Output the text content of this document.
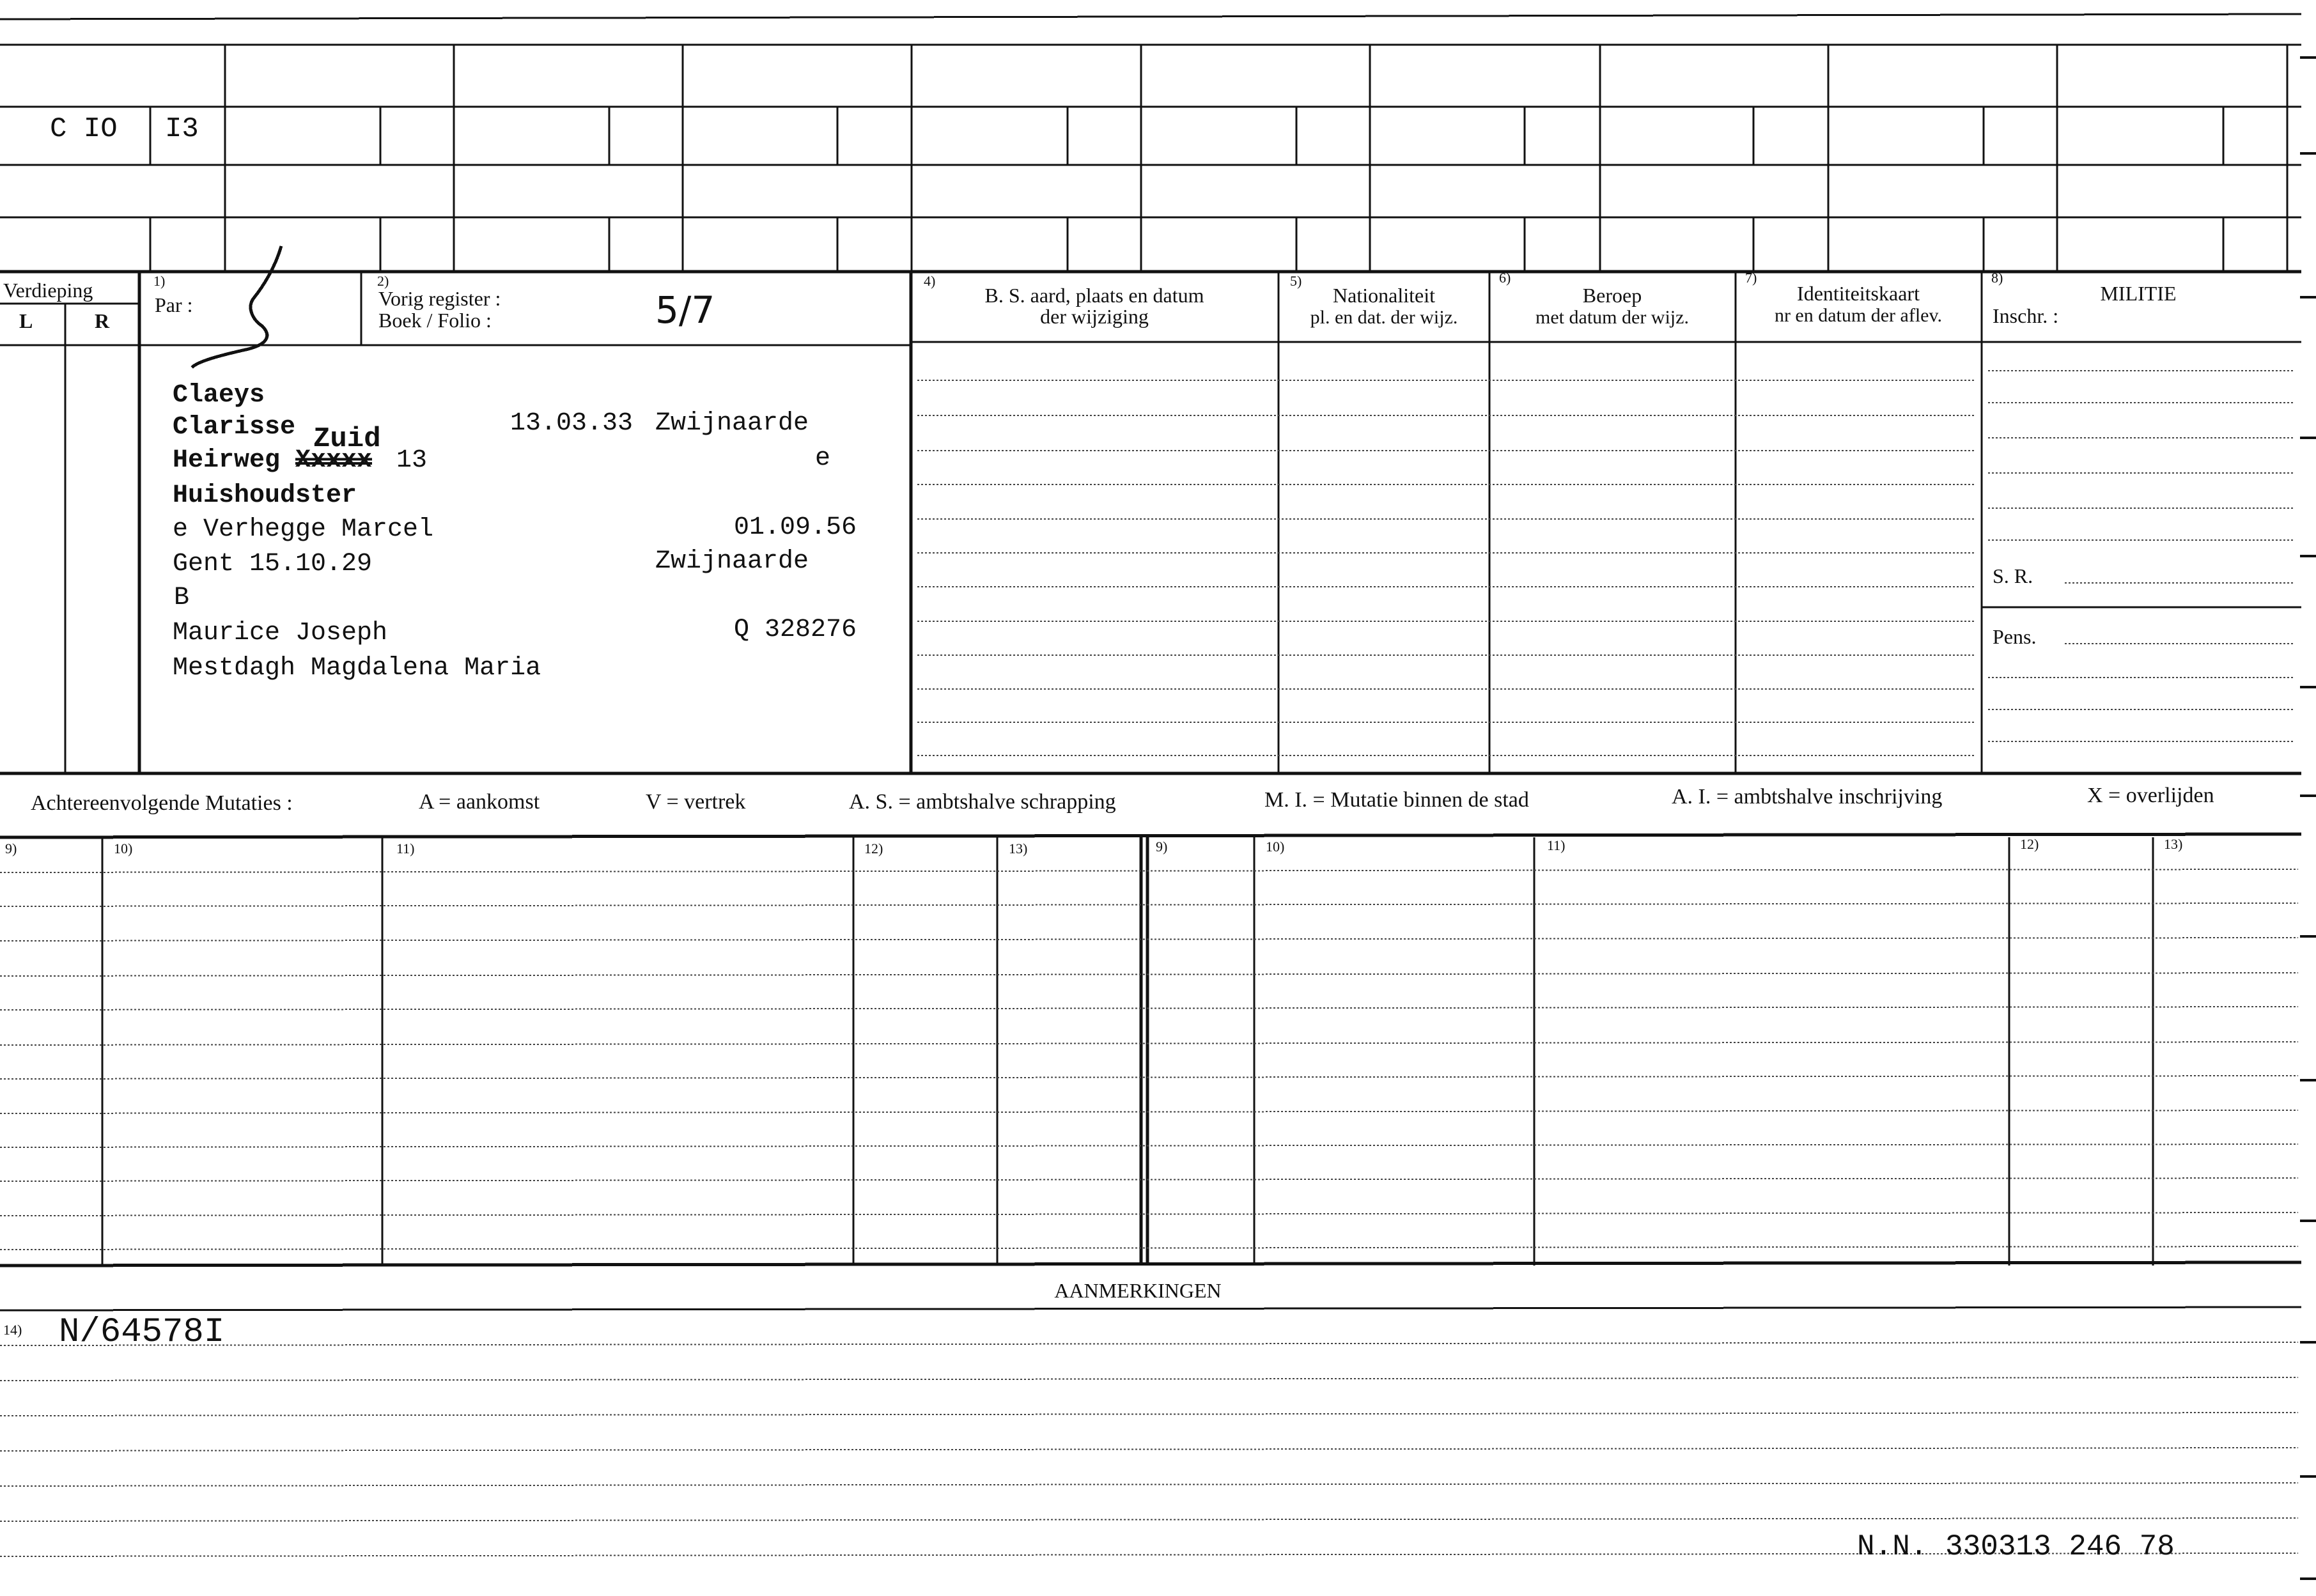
C IO I3
Verdieping
L	R
1)
Par :
2)
Vorig register :
Boek / Folio :	5/7
4)
B. S. aard, plaats en datum
der wijziging
5)
Nationaliteit
pl. en dat. der wijz.
6)
Beroep
met datum der wijz.
7)
Identiteitskaart
nr en datum der aflev.
8)
MILITIE
Inschr. :
S. R.
Pens.
Claeys
Clarisse	13.03.33 Zwijnaarde
Zuid
Heirweg Xxxxx 13	e
Huishoudster
e Verhegge Marcel	01.09.56
Gent 15.10.29	Zwijnaarde
B
Maurice Joseph	Q 328276
Mestdagh Magdalena Maria
Achtereenvolgende Mutaties :	A = aankomst	V = vertrek	A. S. = ambtshalve schrapping	M. I. = Mutatie binnen de stad	A. I. = ambtshalve inschrijving	X = overlijden
9)	10)	11)	12)	13)	9)	10)	11)	12)	13)
AANMERKINGEN
14) N/64578I
N.N. 330313 246 78
